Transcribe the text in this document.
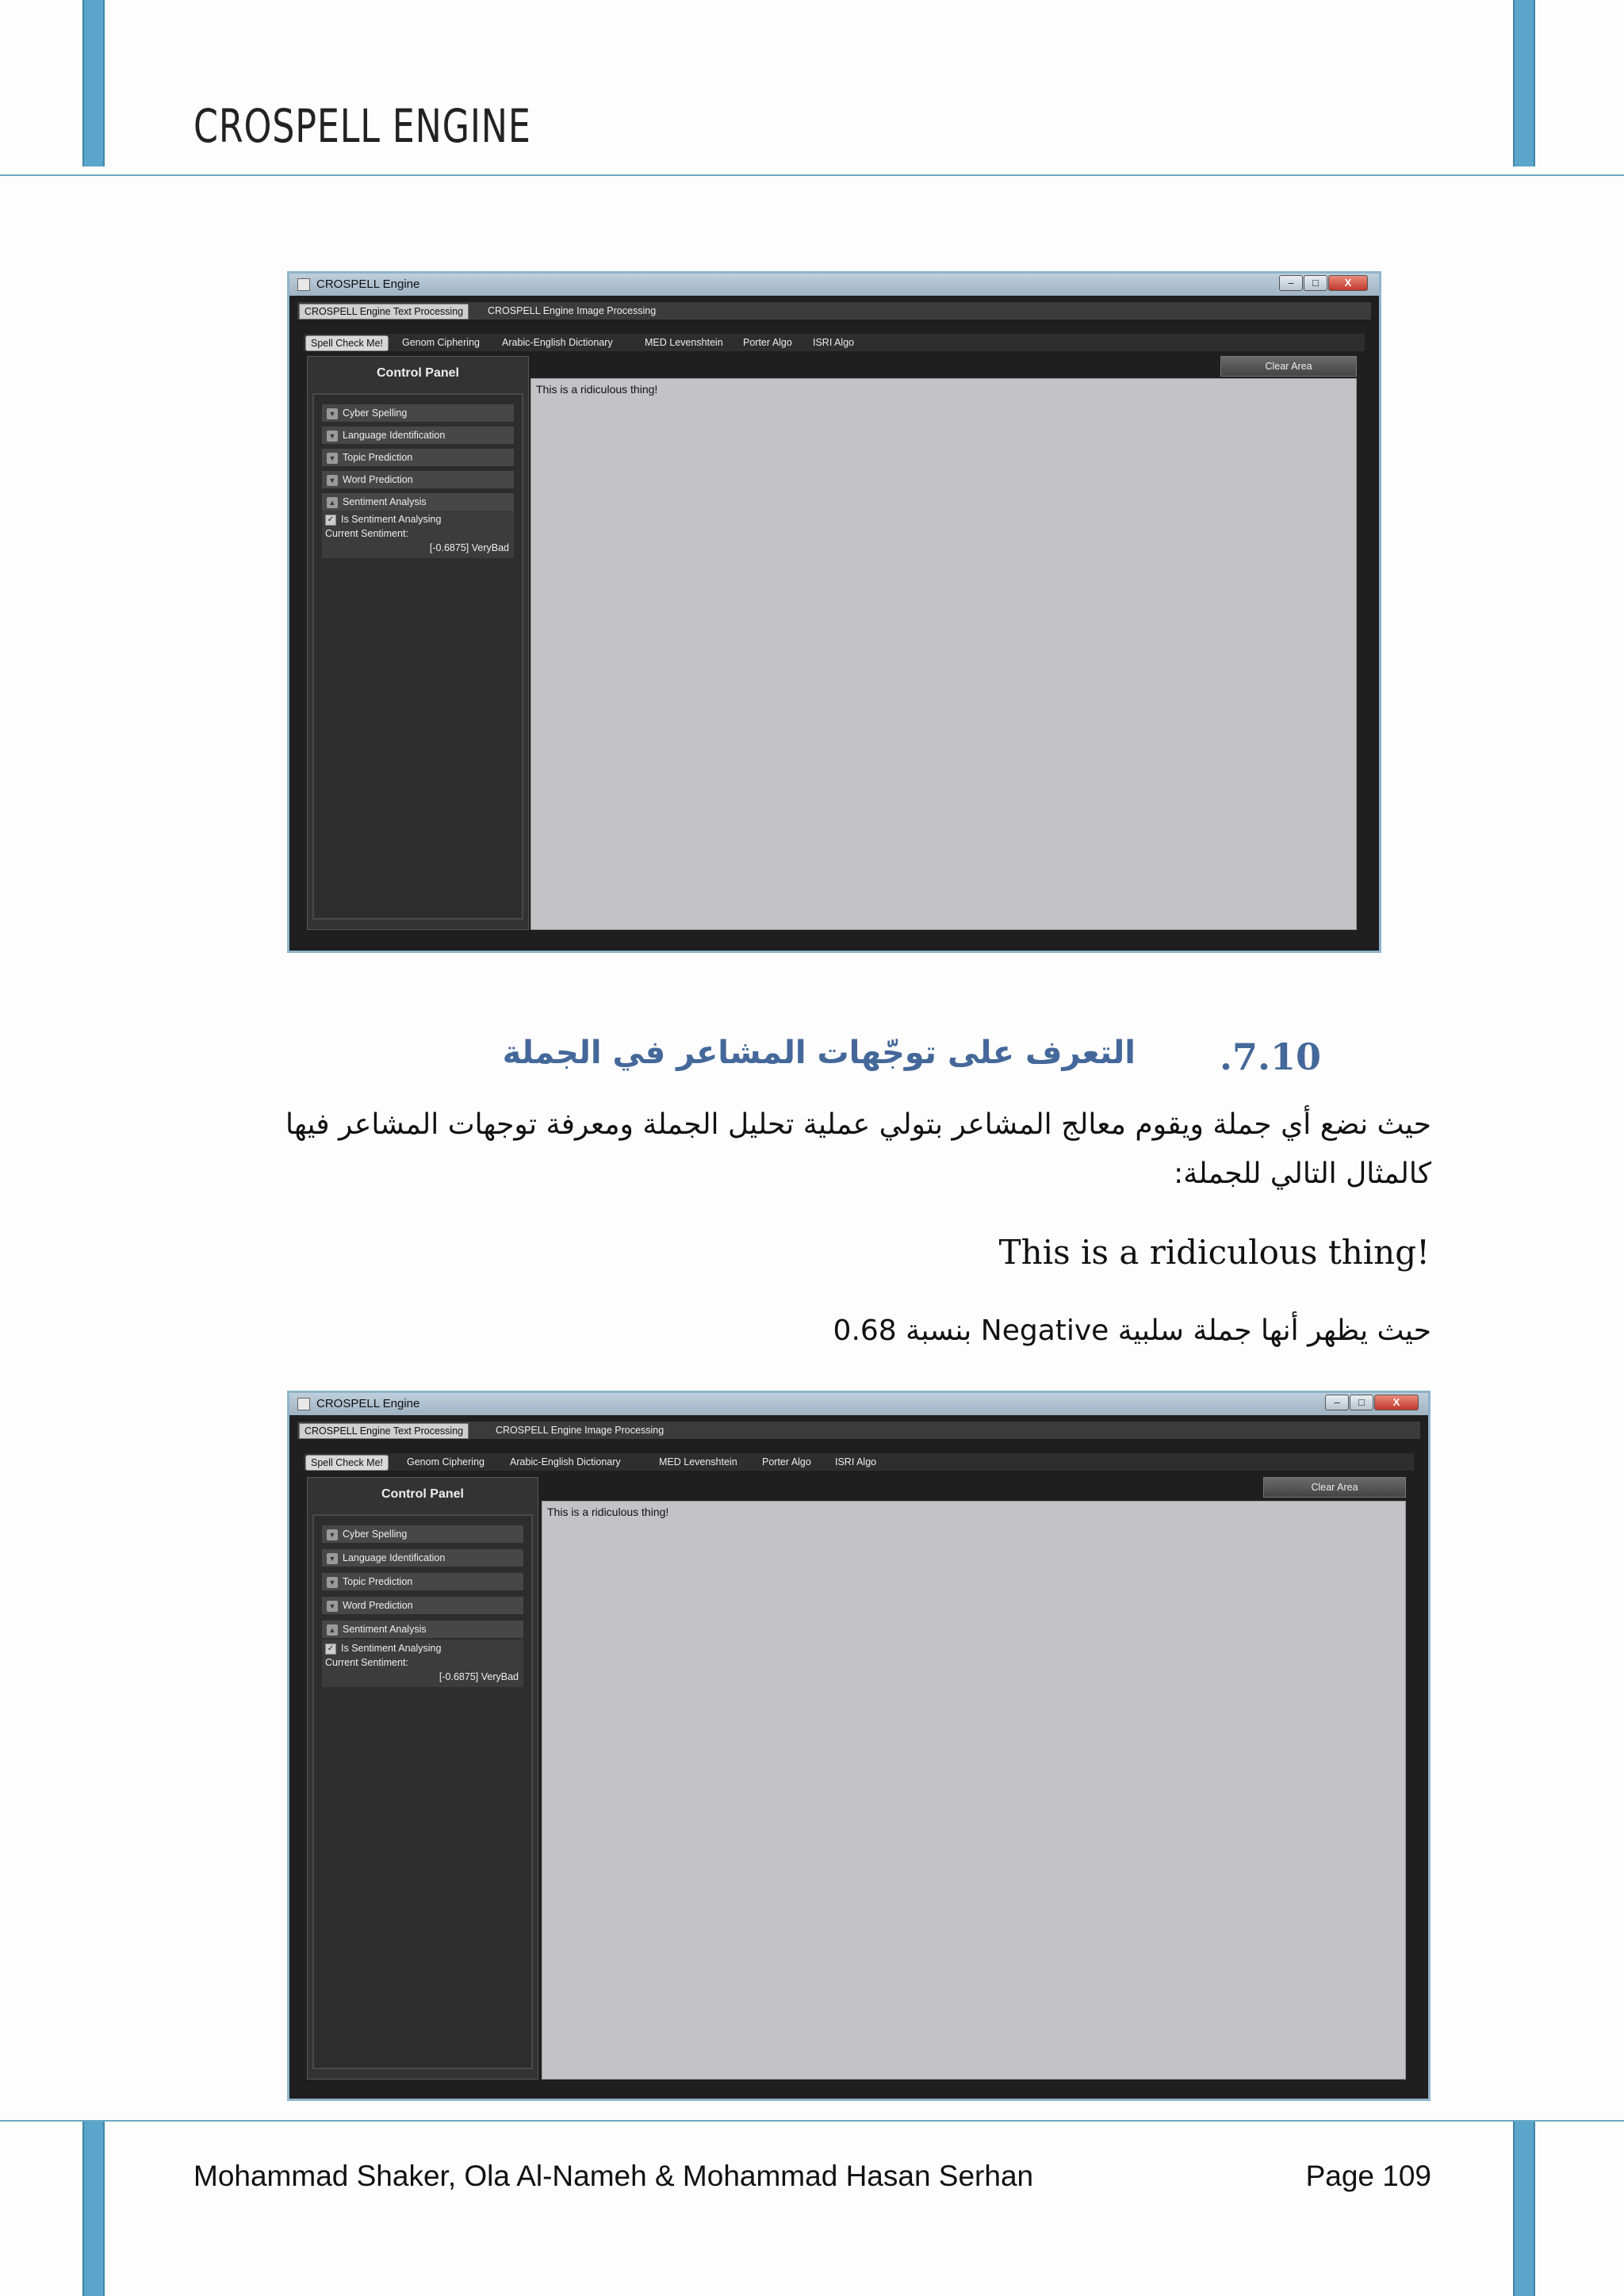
CROSPELL ENGINE
CROSPELL Engine	–	□	X
CROSPELL Engine Text Processing	CROSPELL Engine Image Processing
Spell Check Me!	Genom Ciphering	Arabic-English Dictionary	MED Levenshtein	Porter Algo	ISRI Algo
Clear Area
Control Panel
▼ Cyber Spelling
▼ Language Identification
▼ Topic Prediction
▼ Word Prediction
▲ Sentiment Analysis
✓ Is Sentiment Analysing
Current Sentiment:
[-0.6875] VeryBad
This is a ridiculous thing!
.7.10
التعرف على توجّهات المشاعر في الجملة
حيث نضع أي جملة ويقوم معالج المشاعر بتولي عملية تحليل الجملة ومعرفة توجهات المشاعر فيها
كالمثال التالي للجملة:
This is a ridiculous thing!
حيث يظهر أنها جملة سلبية Negative بنسبة 0.68
CROSPELL Engine	–	□	X
CROSPELL Engine Text Processing	CROSPELL Engine Image Processing
Spell Check Me!	Genom Ciphering	Arabic-English Dictionary	MED Levenshtein	Porter Algo	ISRI Algo
Clear Area
Control Panel
▼ Cyber Spelling
▼ Language Identification
▼ Topic Prediction
▼ Word Prediction
▲ Sentiment Analysis
✓ Is Sentiment Analysing
Current Sentiment:
[-0.6875] VeryBad
This is a ridiculous thing!
Mohammad Shaker, Ola Al-Nameh & Mohammad Hasan Serhan	Page 109
